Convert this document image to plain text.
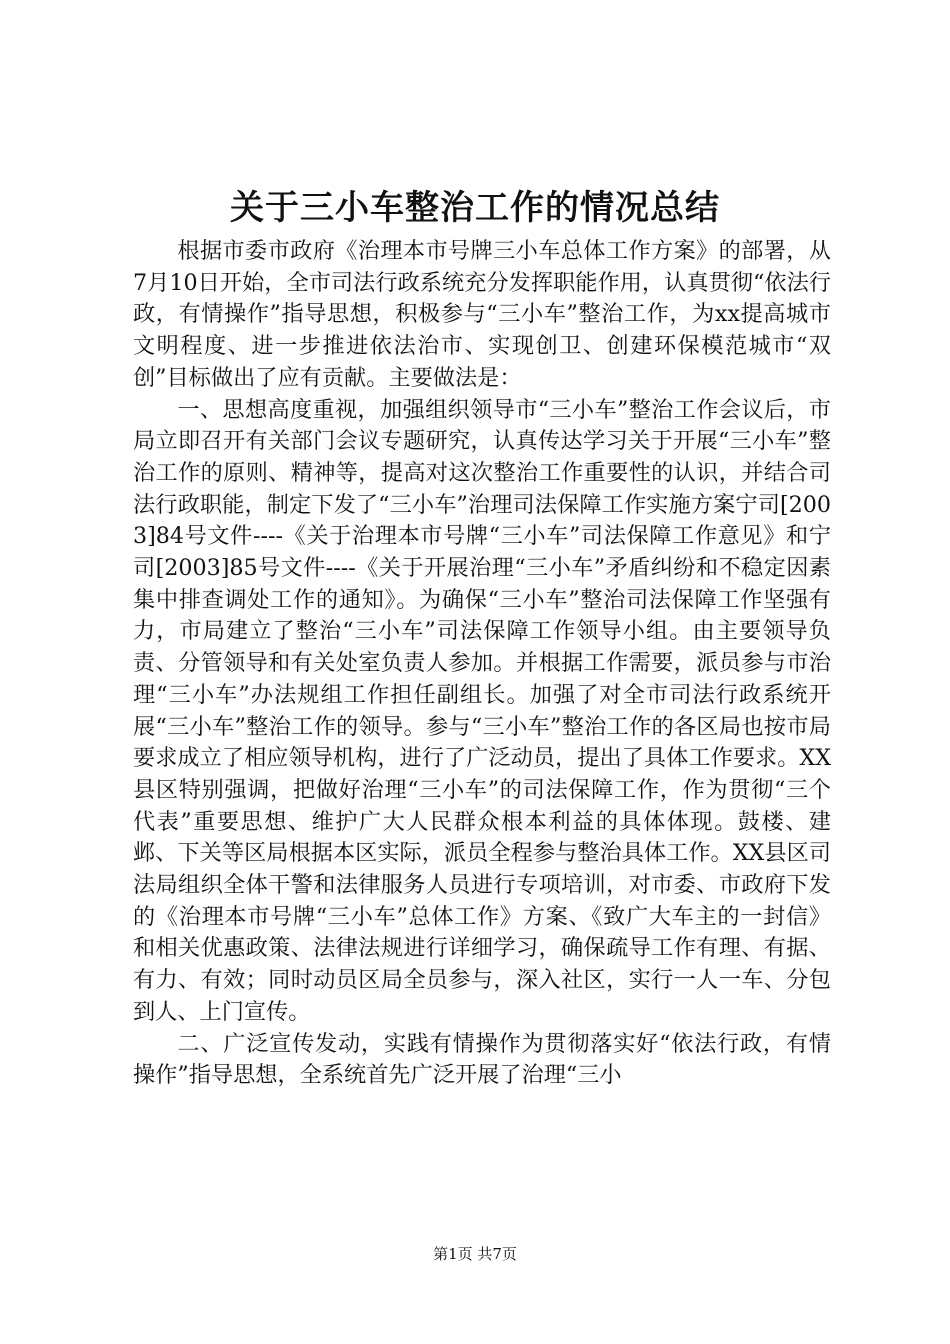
关于三小车整治工作的情况总结

根据市委市政府《治理本市号牌三小车总体工作方案》的部署，从7月10日开始，全市司法行政系统充分发挥职能作用，认真贯彻“依法行政，有情操作”指导思想，积极参与“三小车”整治工作，为xx提高城市文明程度、进一步推进依法治市、实现创卫、创建环保模范城市“双创”目标做出了应有贡献。主要做法是：

一、思想高度重视，加强组织领导市“三小车”整治工作会议后，市局立即召开有关部门会议专题研究，认真传达学习关于开展“三小车”整治工作的原则、精神等，提高对这次整治工作重要性的认识，并结合司法行政职能，制定下发了“三小车”治理司法保障工作实施方案宁司[2003]84号文件----《关于治理本市号牌“三小车”司法保障工作意见》和宁司[2003]85号文件----《关于开展治理“三小车”矛盾纠纷和不稳定因素集中排查调处工作的通知》。为确保“三小车”整治司法保障工作坚强有力，市局建立了整治“三小车”司法保障工作领导小组。由主要领导负责、分管领导和有关处室负责人参加。并根据工作需要，派员参与市治理“三小车”办法规组工作担任副组长。加强了对全市司法行政系统开展“三小车”整治工作的领导。参与“三小车”整治工作的各区局也按市局要求成立了相应领导机构，进行了广泛动员，提出了具体工作要求。XX县区特别强调，把做好治理“三小车”的司法保障工作，作为贯彻“三个代表”重要思想、维护广大人民群众根本利益的具体体现。鼓楼、建邺、下关等区局根据本区实际，派员全程参与整治具体工作。XX县区司法局组织全体干警和法律服务人员进行专项培训，对市委、市政府下发的《治理本市号牌“三小车”总体工作》方案、《致广大车主的一封信》和相关优惠政策、法律法规进行详细学习，确保疏导工作有理、有据、有力、有效；同时动员区局全员参与，深入社区，实行一人一车、分包到人、上门宣传。

二、广泛宣传发动，实践有情操作为贯彻落实好“依法行政，有情操作”指导思想，全系统首先广泛开展了治理“三小

第1页 共7页
